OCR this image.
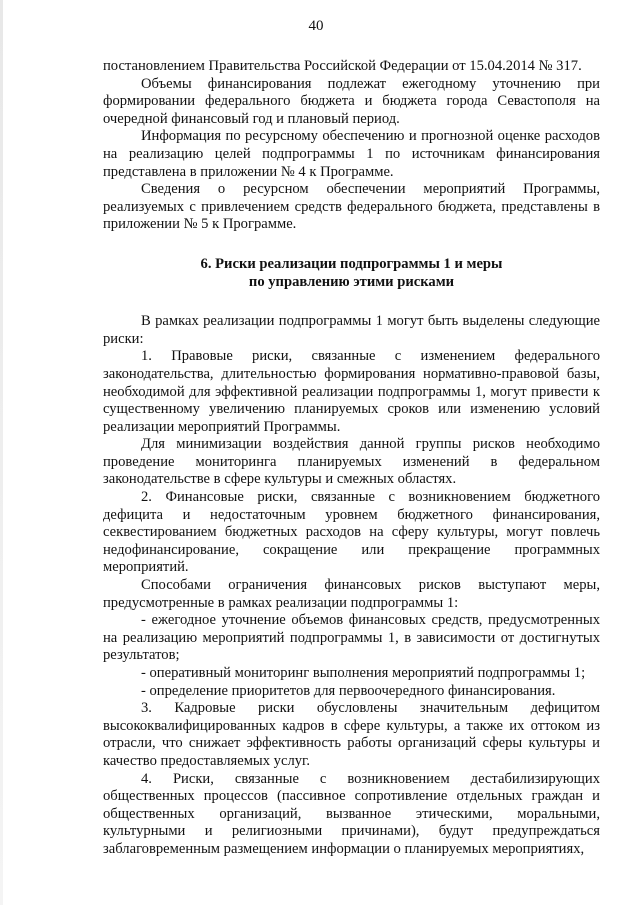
40

постановлением Правительства Российской Федерации от 15.04.2014 № 317.

Объемы финансирования подлежат ежегодному уточнению при формировании федерального бюджета и бюджета города Севастополя на очередной финансовый год и плановый период.

Информация по ресурсному обеспечению и прогнозной оценке расходов на реализацию целей подпрограммы 1 по источникам финансирования представлена в приложении № 4 к Программе.

Сведения о ресурсном обеспечении мероприятий Программы, реализуемых с привлечением средств федерального бюджета, представлены в приложении № 5 к Программе.

6. Риски реализации подпрограммы 1 и меры
по управлению этими рисками

В рамках реализации подпрограммы 1 могут быть выделены следующие риски:

1. Правовые риски, связанные с изменением федерального законодательства, длительностью формирования нормативно-правовой базы, необходимой для эффективной реализации подпрограммы 1, могут привести к существенному увеличению планируемых сроков или изменению условий реализации мероприятий Программы.

Для минимизации воздействия данной группы рисков необходимо проведение мониторинга планируемых изменений в федеральном законодательстве в сфере культуры и смежных областях.

2. Финансовые риски, связанные с возникновением бюджетного дефицита и недостаточным уровнем бюджетного финансирования, секвестированием бюджетных расходов на сферу культуры, могут повлечь недофинансирование, сокращение или прекращение программных мероприятий.

Способами ограничения финансовых рисков выступают меры, предусмотренные в рамках реализации подпрограммы 1:

- ежегодное уточнение объемов финансовых средств, предусмотренных на реализацию мероприятий подпрограммы 1, в зависимости от достигнутых результатов;

- оперативный мониторинг выполнения мероприятий подпрограммы 1;

- определение приоритетов для первоочередного финансирования.

3. Кадровые риски обусловлены значительным дефицитом высококвалифицированных кадров в сфере культуры, а также их оттоком из отрасли, что снижает эффективность работы организаций сферы культуры и качество предоставляемых услуг.

4. Риски, связанные с возникновением дестабилизирующих общественных процессов (пассивное сопротивление отдельных граждан и общественных организаций, вызванное этическими, моральными, культурными и религиозными причинами), будут предупреждаться заблаговременным размещением информации о планируемых мероприятиях,
